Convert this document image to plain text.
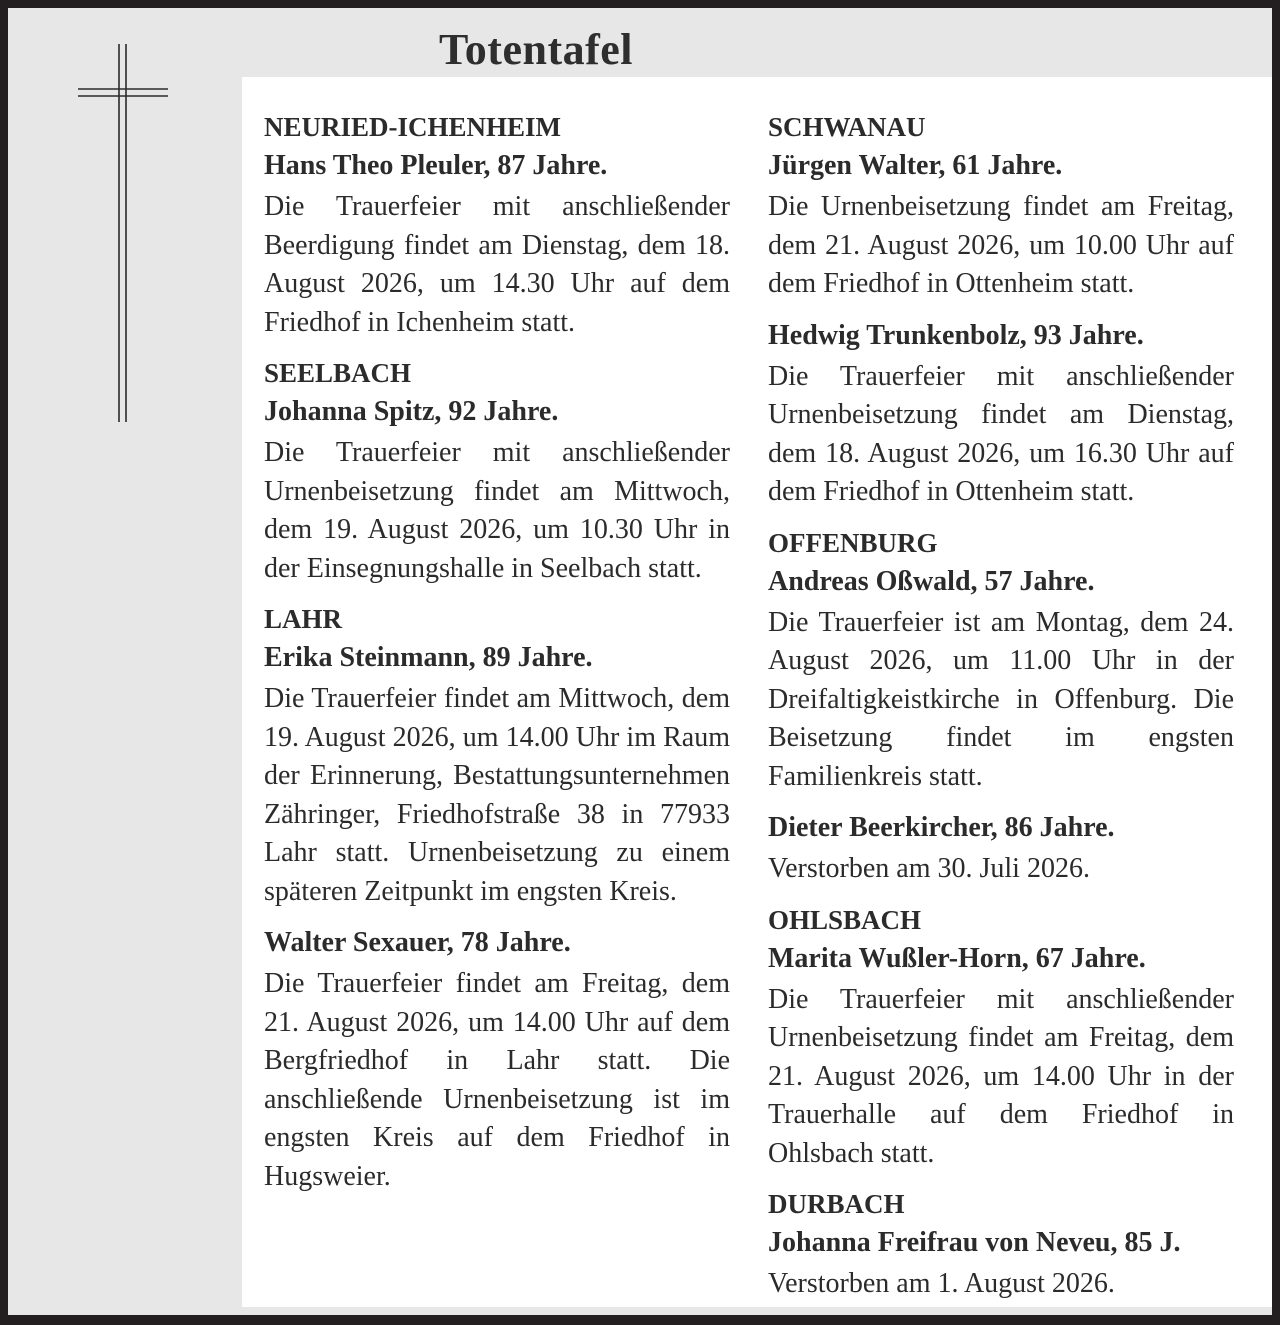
Totentafel
NEURIED-ICHENHEIM
Hans Theo Pleuler, 87 Jahre.
Die Trauerfeier mit anschließender Beerdigung findet am Dienstag, dem 18. August 2026, um 14.30 Uhr auf dem Friedhof in Ichenheim statt.
SEELBACH
Johanna Spitz, 92 Jahre.
Die Trauerfeier mit anschließender Urnenbeisetzung findet am Mittwoch, dem 19. August 2026, um 10.30 Uhr in der Einsegnungshalle in Seelbach statt.
LAHR
Erika Steinmann, 89 Jahre.
Die Trauerfeier findet am Mittwoch, dem 19. August 2026, um 14.00 Uhr im Raum der Erinnerung, Bestattungsunternehmen Zähringer, Friedhofstraße 38 in 77933 Lahr statt. Urnenbeisetzung zu einem späteren Zeitpunkt im engsten Kreis.
Walter Sexauer, 78 Jahre.
Die Trauerfeier findet am Freitag, dem 21. August 2026, um 14.00 Uhr auf dem Bergfriedhof in Lahr statt. Die anschließende Urnenbeisetzung ist im engsten Kreis auf dem Friedhof in Hugsweier.
SCHWANAU
Jürgen Walter, 61 Jahre.
Die Urnenbeisetzung findet am Freitag, dem 21. August 2026, um 10.00 Uhr auf dem Friedhof in Ottenheim statt.
Hedwig Trunkenbolz, 93 Jahre.
Die Trauerfeier mit anschließender Urnenbeisetzung findet am Dienstag, dem 18. August 2026, um 16.30 Uhr auf dem Friedhof in Ottenheim statt.
OFFENBURG
Andreas Oßwald, 57 Jahre.
Die Trauerfeier ist am Montag, dem 24. August 2026, um 11.00 Uhr in der Dreifaltigkeistkirche in Offenburg. Die Beisetzung findet im engsten Familienkreis statt.
Dieter Beerkircher, 86 Jahre.
Verstorben am 30. Juli 2026.
OHLSBACH
Marita Wußler-Horn, 67 Jahre.
Die Trauerfeier mit anschließender Urnenbeisetzung findet am Freitag, dem 21. August 2026, um 14.00 Uhr in der Trauerhalle auf dem Friedhof in Ohlsbach statt.
DURBACH
Johanna Freifrau von Neveu, 85 J.
Verstorben am 1. August 2026.
